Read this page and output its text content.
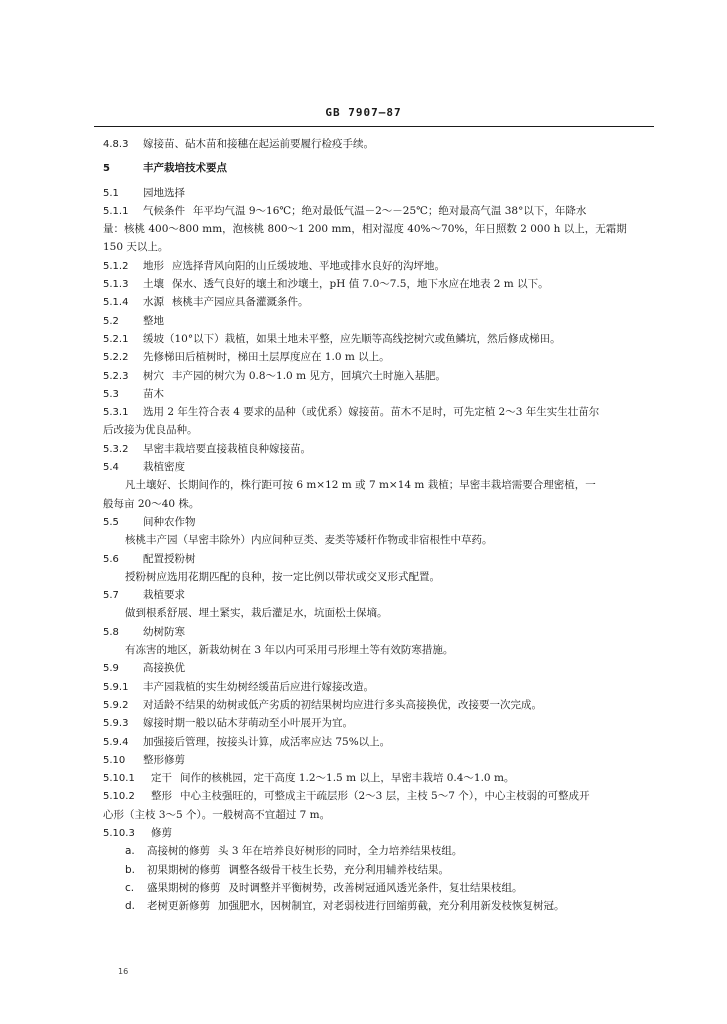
GB 7907—87
4.8.3 嫁接苗、砧木苗和接穗在起运前要履行检疫手续。
5	丰产栽培技术要点
5.1 园地选择
5.1.1 气候条件 年平均气温 9～16℃；绝对最低气温－2～－25℃；绝对最高气温 38°以下，年降水
量：核桃 400～800 mm，泡核桃 800～1 200 mm，相对湿度 40%～70%，年日照数 2 000 h 以上，无霜期
150 天以上。
5.1.2 地形 应选择背风向阳的山丘缓坡地、平地或排水良好的沟坪地。
5.1.3 土壤 保水、透气良好的壤土和沙壤土，pH 值 7.0～7.5，地下水应在地表 2 m 以下。
5.1.4 水源 核桃丰产园应具备灌溉条件。
5.2 整地
5.2.1 缓坡（10°以下）栽植，如果土地未平整，应先顺等高线挖树穴或鱼鳞坑，然后修成梯田。
5.2.2 先修梯田后植树时，梯田土层厚度应在 1.0 m 以上。
5.2.3 树穴 丰产园的树穴为 0.8～1.0 m 见方，回填穴土时施入基肥。
5.3 苗木
5.3.1 选用 2 年生符合表 4 要求的品种（或优系）嫁接苗。苗木不足时，可先定植 2～3 年生实生壮苗尔
后改接为优良品种。
5.3.2 早密丰栽培要直接栽植良种嫁接苗。
5.4 栽植密度
凡土壤好、长期间作的，株行距可按 6 m×12 m 或 7 m×14 m 栽植；早密丰栽培需要合理密植，一
般每亩 20～40 株。
5.5 间种农作物
核桃丰产园（早密丰除外）内应间种豆类、麦类等矮杆作物或非宿根性中草药。
5.6 配置授粉树
授粉树应选用花期匹配的良种，按一定比例以带状或交叉形式配置。
5.7 栽植要求
做到根系舒展、埋土紧实，栽后灌足水，坑面松土保墒。
5.8 幼树防寒
有冻害的地区，新栽幼树在 3 年以内可采用弓形埋土等有效防寒措施。
5.9 高接换优
5.9.1 丰产园栽植的实生幼树经缓苗后应进行嫁接改造。
5.9.2 对适龄不结果的幼树或低产劣质的初结果树均应进行多头高接换优，改接要一次完成。
5.9.3 嫁接时期一般以砧木芽萌动至小叶展开为宜。
5.9.4 加强接后管理，按接头计算，成活率应达 75%以上。
5.10 整形修剪
5.10.1 定干 间作的核桃园，定干高度 1.2～1.5 m 以上，早密丰栽培 0.4～1.0 m。
5.10.2 整形 中心主枝强旺的，可整成主干疏层形（2～3 层，主枝 5～7 个），中心主枝弱的可整成开
心形（主枝 3～5 个）。一般树高不宜超过 7 m。
5.10.3 修剪
a. 高接树的修剪 头 3 年在培养良好树形的同时，全力培养结果枝组。
b. 初果期树的修剪 调整各级骨干枝生长势，充分利用辅养枝结果。
c. 盛果期树的修剪 及时调整并平衡树势，改善树冠通风透光条件，复壮结果枝组。
d. 老树更新修剪 加强肥水，因树制宜，对老弱枝进行回缩剪截，充分利用新发枝恢复树冠。
16
